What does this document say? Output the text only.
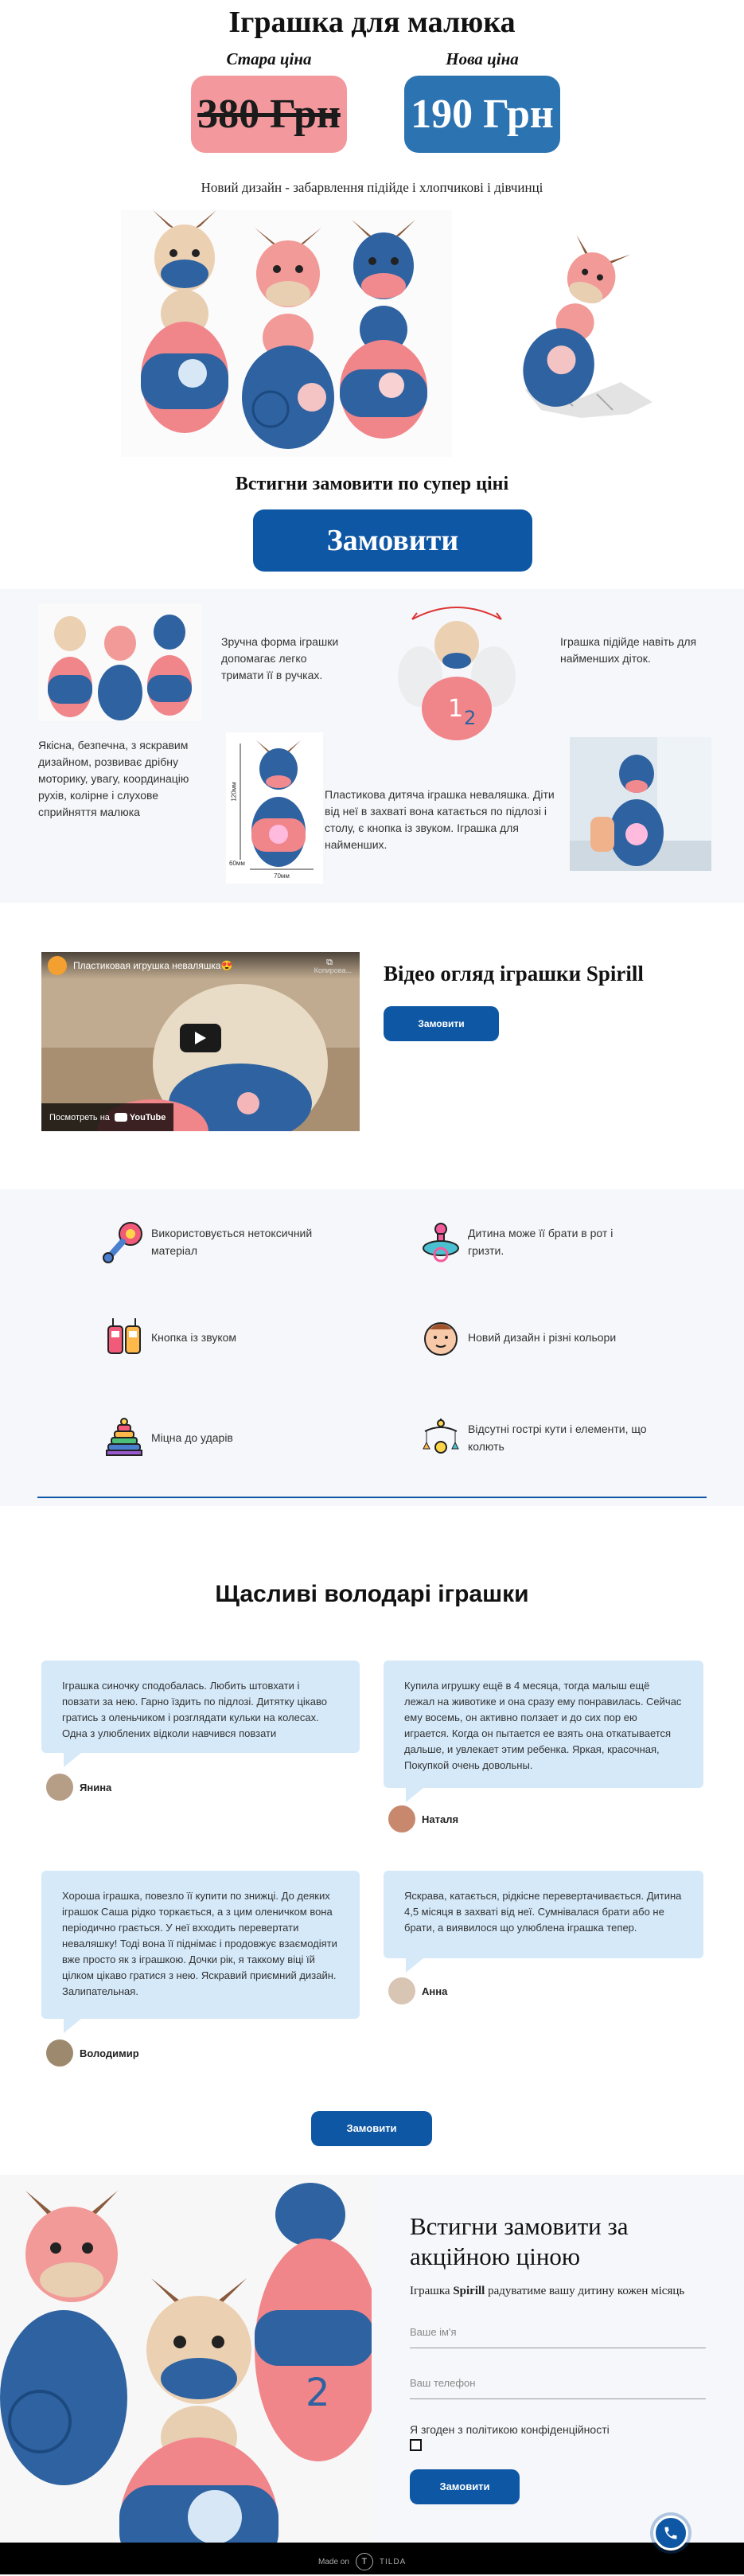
Іграшка для малюка
Стара ціна	Нова ціна
380 Грн 190 Грн
Новий дизайн - забарвлення підійде і хлопчикові і дівчинці
Встигни замовити по супер ціні
Замовити
Зручна форма іграшки допомагає легко тримати її в ручках.
1 2
Іграшка підійде навіть для найменших діток.
Якісна, безпечна, з яскравим дизайном, розвиває дрібну моторику, увагу, координацію рухів, колірне і слухове сприйняття малюка
120мм
60мм
70мм
Пластикова дитяча іграшка неваляшка. Діти від неї в захваті вона катається по підлозі і столу, є кнопка із звуком. Іграшка для найменших.
Пластиковая игрушка неваляшка😍	⧉
Копирова...
Посмотреть на YouTube
Відео огляд іграшки Spirill
Замовити
Використовується нетоксичний матеріал
Дитина може її брати в рот і гризти.
Кнопка із звуком	Новий дизайн і різні кольори
Міцна до ударів
Відсутні гострі кути і елементи, що колють
Щасливі володарі іграшки
Іграшка синочку сподобалась. Любить штовхати і повзати за нею. Гарно їздить по підлозі. Дитятку цікаво гратись з оленьчиком і розглядати кульки на колесах. Одна з улюблених відколи навчився повзати
Янина
Купила игрушку ещё в 4 месяца, тогда малыш ещё лежал на животике и она сразу ему понравилась. Сейчас ему восемь, он активно ползает и до сих пор ею играется. Когда он пытается ее взять она откатывается дальше, и увлекает этим ребенка. Яркая, красочная, Покупкой очень довольны.
Наталя
Хороша іграшка, повезло її купити по знижці. До деяких іграшок Саша рідко торкається, а з цим оленичком вона періодично грається. У неї вхходить перевертати неваляшку! Тоді вона її піднімає і продовжує взаємодіяти вже просто як з іграшкою. Дочки рік, я таккому віці їй цілком цікаво гратися з нею. Яскравий приємний дизайн. Залипательная.
Володимир
Яскрава, катається, рідкісне перевертачивається. Дитина 4,5 місяця в захваті від неї. Сумнівалася брати або не брати, а виявилося що улюблена іграшка тепер.
Анна
Замовити
2
Встигни замовити за акційною ціною
Іграшка Spirill радуватиме вашу дитину кожен місяць
Ваше ім'я
Ваш телефон
Я згоден з політикою конфіденційності
Замовити
Made on	T	TILDA
